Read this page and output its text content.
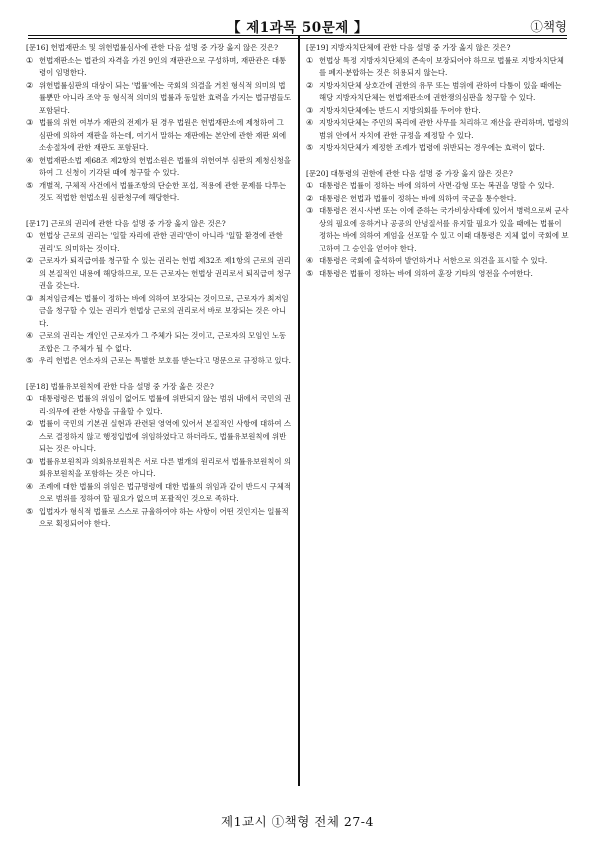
【 제1과목 50문제 】	①책형

[문16] 헌법재판소 및 위헌법률심사에 관한 다음 설명 중 가장 옳지 않은 것은?

① 헌법재판소는 법관의 자격을 가진 9인의 재판관으로 구성하며, 재판관은 대통령이 임명한다.

② 위헌법률심판의 대상이 되는 '법률'에는 국회의 의결을 거친 형식적 의미의 법률뿐만 아니라 조약 등 형식적 의미의 법률과 동일한 효력을 가지는 법규범들도 포함된다.

③ 법률의 위헌 여부가 재판의 전제가 된 경우 법원은 헌법재판소에 제청하여 그 심판에 의하여 재판을 하는데, 여기서 말하는 재판에는 본안에 관한 재판 외에 소송절차에 관한 재판도 포함된다.

④ 헌법재판소법 제68조 제2항의 헌법소원은 법률의 위헌여부 심판의 제청신청을 하여 그 신청이 기각된 때에 청구할 수 있다.

⑤ 개별적, 구체적 사건에서 법률조항의 단순한 포섭, 적용에 관한 문제를 다투는 것도 적법한 헌법소원 심판청구에 해당한다.

[문17] 근로의 권리에 관한 다음 설명 중 가장 옳지 않은 것은?

① 헌법상 근로의 권리는 '일할 자리에 관한 권리'만이 아니라 '일할 환경에 관한 권리'도 의미하는 것이다.

② 근로자가 퇴직급여를 청구할 수 있는 권리는 헌법 제32조 제1항의 근로의 권리의 본질적인 내용에 해당하므로, 모든 근로자는 헌법상 권리로서 퇴직급여 청구권을 갖는다.

③ 최저임금제는 법률이 정하는 바에 의하여 보장되는 것이므로, 근로자가 최저임금을 청구할 수 있는 권리가 헌법상 근로의 권리로서 바로 보장되는 것은 아니다.

④ 근로의 권리는 개인인 근로자가 그 주체가 되는 것이고, 근로자의 모임인 노동조합은 그 주체가 될 수 없다.

⑤ 우리 헌법은 연소자의 근로는 특별한 보호를 받는다고 명문으로 규정하고 있다.

[문18] 법률유보원칙에 관한 다음 설명 중 가장 옳은 것은?

① 대통령령은 법률의 위임이 없어도 법률에 위반되지 않는 범위 내에서 국민의 권리·의무에 관한 사항을 규율할 수 있다.

② 법률이 국민의 기본권 실현과 관련된 영역에 있어서 본질적인 사항에 대하여 스스로 결정하지 않고 행정입법에 위임하였다고 하더라도, 법률유보원칙에 위반되는 것은 아니다.

③ 법률유보원칙과 의회유보원칙은 서로 다른 별개의 원리로서 법률유보원칙이 의회유보원칙을 포함하는 것은 아니다.

④ 조례에 대한 법률의 위임은 법규명령에 대한 법률의 위임과 같이 반드시 구체적으로 범위를 정하여 할 필요가 없으며 포괄적인 것으로 족하다.

⑤ 입법자가 형식적 법률로 스스로 규율하여야 하는 사항이 어떤 것인지는 일률적으로 획정되어야 한다.

[문19] 지방자치단체에 관한 다음 설명 중 가장 옳지 않은 것은?

① 헌법상 특정 지방자치단체의 존속이 보장되어야 하므로 법률로 지방자치단체를 폐지·분합하는 것은 허용되지 않는다.

② 지방자치단체 상호간에 권한의 유무 또는 범위에 관하여 다툼이 있을 때에는 해당 지방자치단체는 헌법재판소에 권한쟁의심판을 청구할 수 있다.

③ 지방자치단체에는 반드시 지방의회를 두어야 한다.

④ 지방자치단체는 주민의 복리에 관한 사무를 처리하고 재산을 관리하며, 법령의 범위 안에서 자치에 관한 규정을 제정할 수 있다.

⑤ 지방자치단체가 제정한 조례가 법령에 위반되는 경우에는 효력이 없다.

[문20] 대통령의 권한에 관한 다음 설명 중 가장 옳지 않은 것은?

① 대통령은 법률이 정하는 바에 의하여 사면·감형 또는 복권을 명할 수 있다.

② 대통령은 헌법과 법률이 정하는 바에 의하여 국군을 통수한다.

③ 대통령은 전시·사변 또는 이에 준하는 국가비상사태에 있어서 병력으로써 군사상의 필요에 응하거나 공공의 안녕질서를 유지할 필요가 있을 때에는 법률이 정하는 바에 의하여 계엄을 선포할 수 있고 이때 대통령은 지체 없이 국회에 보고하여 그 승인을 얻어야 한다.

④ 대통령은 국회에 출석하여 발언하거나 서한으로 의견을 표시할 수 있다.

⑤ 대통령은 법률이 정하는 바에 의하여 훈장 기타의 영전을 수여한다.

제1교시 ①책형 전체 27-4
